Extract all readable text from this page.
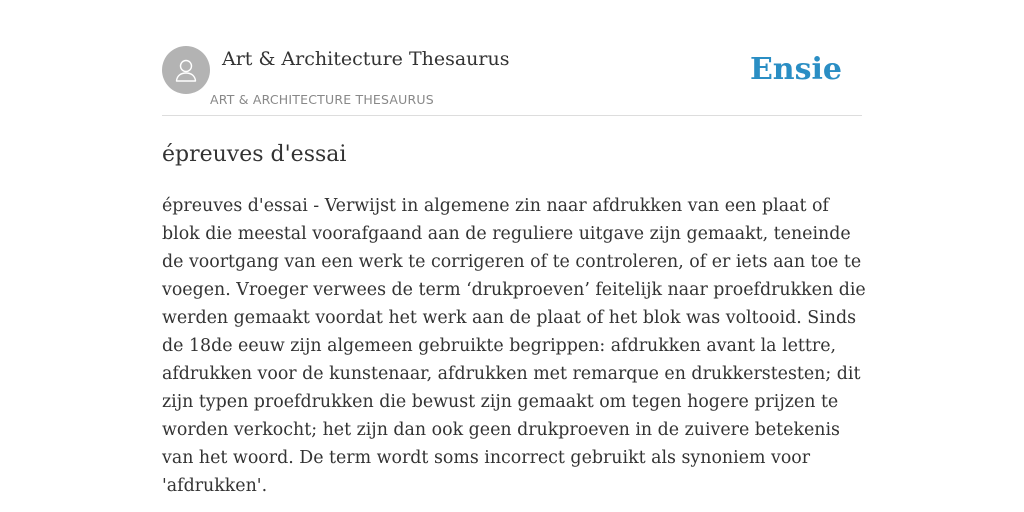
Art & Architecture Thesaurus
ART & ARCHITECTURE THESAURUS
Ensie
épreuves d'essai

épreuves d'essai - Verwijst in algemene zin naar afdrukken van een plaat of blok die meestal voorafgaand aan de reguliere uitgave zijn gemaakt, teneinde de voortgang van een werk te corrigeren of te controleren, of er iets aan toe te voegen. Vroeger verwees de term ‘drukproeven’ feitelijk naar proefdrukken die werden gemaakt voordat het werk aan de plaat of het blok was voltooid. Sinds de 18de eeuw zijn algemeen gebruikte begrippen: afdrukken avant la lettre, afdrukken voor de kunstenaar, afdrukken met remarque en drukkerstesten; dit zijn typen proefdrukken die bewust zijn gemaakt om tegen hogere prijzen te worden verkocht; het zijn dan ook geen drukproeven in de zuivere betekenis van het woord. De term wordt soms incorrect gebruikt als synoniem voor 'afdrukken'.
